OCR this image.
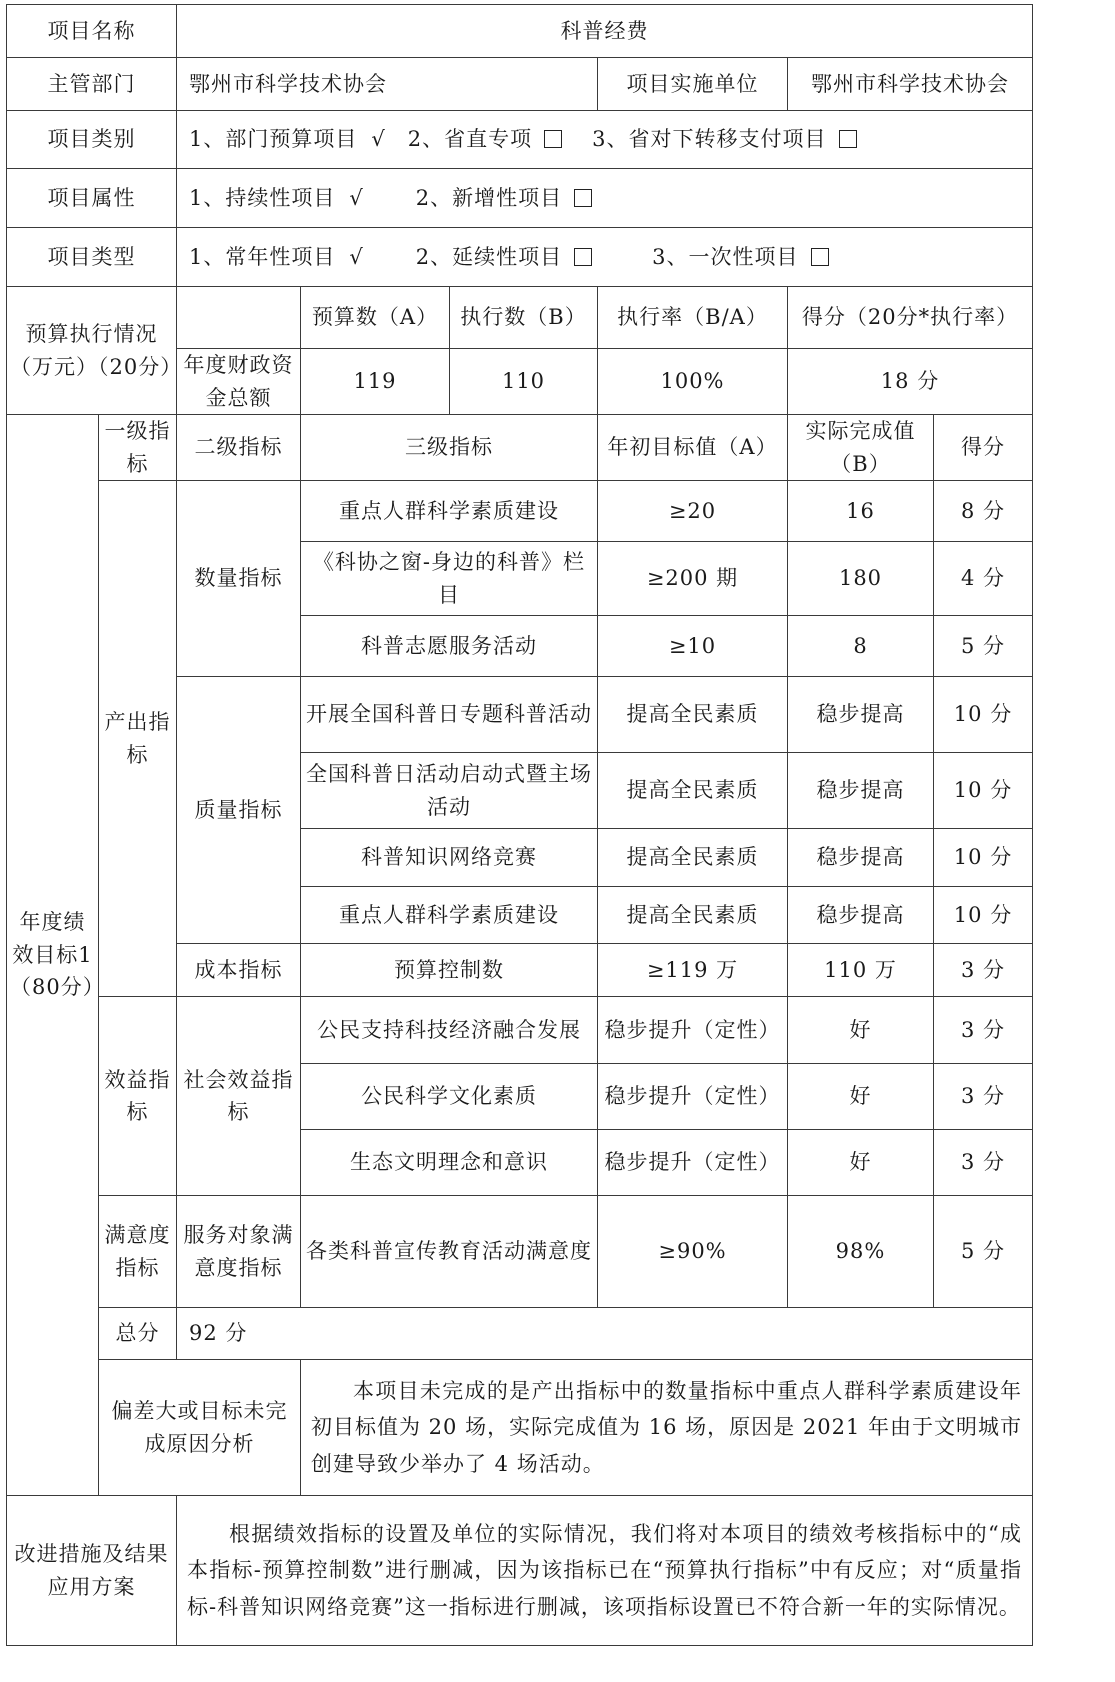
项目名称		科普经费					
主管部门		鄂州市科学技术协会			项目实施单位	鄂州市科学技术协会	
项目类别		1、部门预算项目 √ 2、省直专项 3、省对下转移支付项目					
项目属性		1、持续性项目 √ 2、新增性项目					
项目类型		1、常年性项目 √ 2、延续性项目 3、一次性项目					
预算执行情况（万元）（20分）			预算数（A）	执行数（B）	执行率（B/A）	得分（20分*执行率）	
		年度财政资金总额	119	110	100%	18 分	
年度绩效目标1（80分）	一级指标	二级指标	三级指标		年初目标值（A）	实际完成值（B）	得分
	产出指标	数量指标	重点人群科学素质建设		≥20	16	8 分
			《科协之窗-身边的科普》栏目		≥200 期	180	4 分
			科普志愿服务活动		≥10	8	5 分
		质量指标	开展全国科普日专题科普活动		提高全民素质	稳步提高	10 分
			全国科普日活动启动式暨主场活动		提高全民素质	稳步提高	10 分
			科普知识网络竞赛		提高全民素质	稳步提高	10 分
			重点人群科学素质建设		提高全民素质	稳步提高	10 分
		成本指标	预算控制数		≥119 万	110 万	3 分
	效益指标	社会效益指标	公民支持科技经济融合发展		稳步提升（定性）	好	3 分
			公民科学文化素质		稳步提升（定性）	好	3 分
			生态文明理念和意识		稳步提升（定性）	好	3 分
	满意度指标	服务对象满意度指标	各类科普宣传教育活动满意度		≥90%	98%	5 分
	总分	92 分					
	偏差大或目标未完成原因分析		本项目未完成的是产出指标中的数量指标中重点人群科学素质建设年初目标值为 20 场，实际完成值为 16 场，原因是 2021 年由于文明城市创建导致少举办了 4 场活动。				

改进措施及结果应用方案		根据绩效指标的设置及单位的实际情况，我们将对本项目的绩效考核指标中的“成本指标-预算控制数”进行删减，因为该指标已在“预算执行指标”中有反应；对“质量指标-科普知识网络竞赛”这一指标进行删减，该项指标设置已不符合新一年的实际情况。					
